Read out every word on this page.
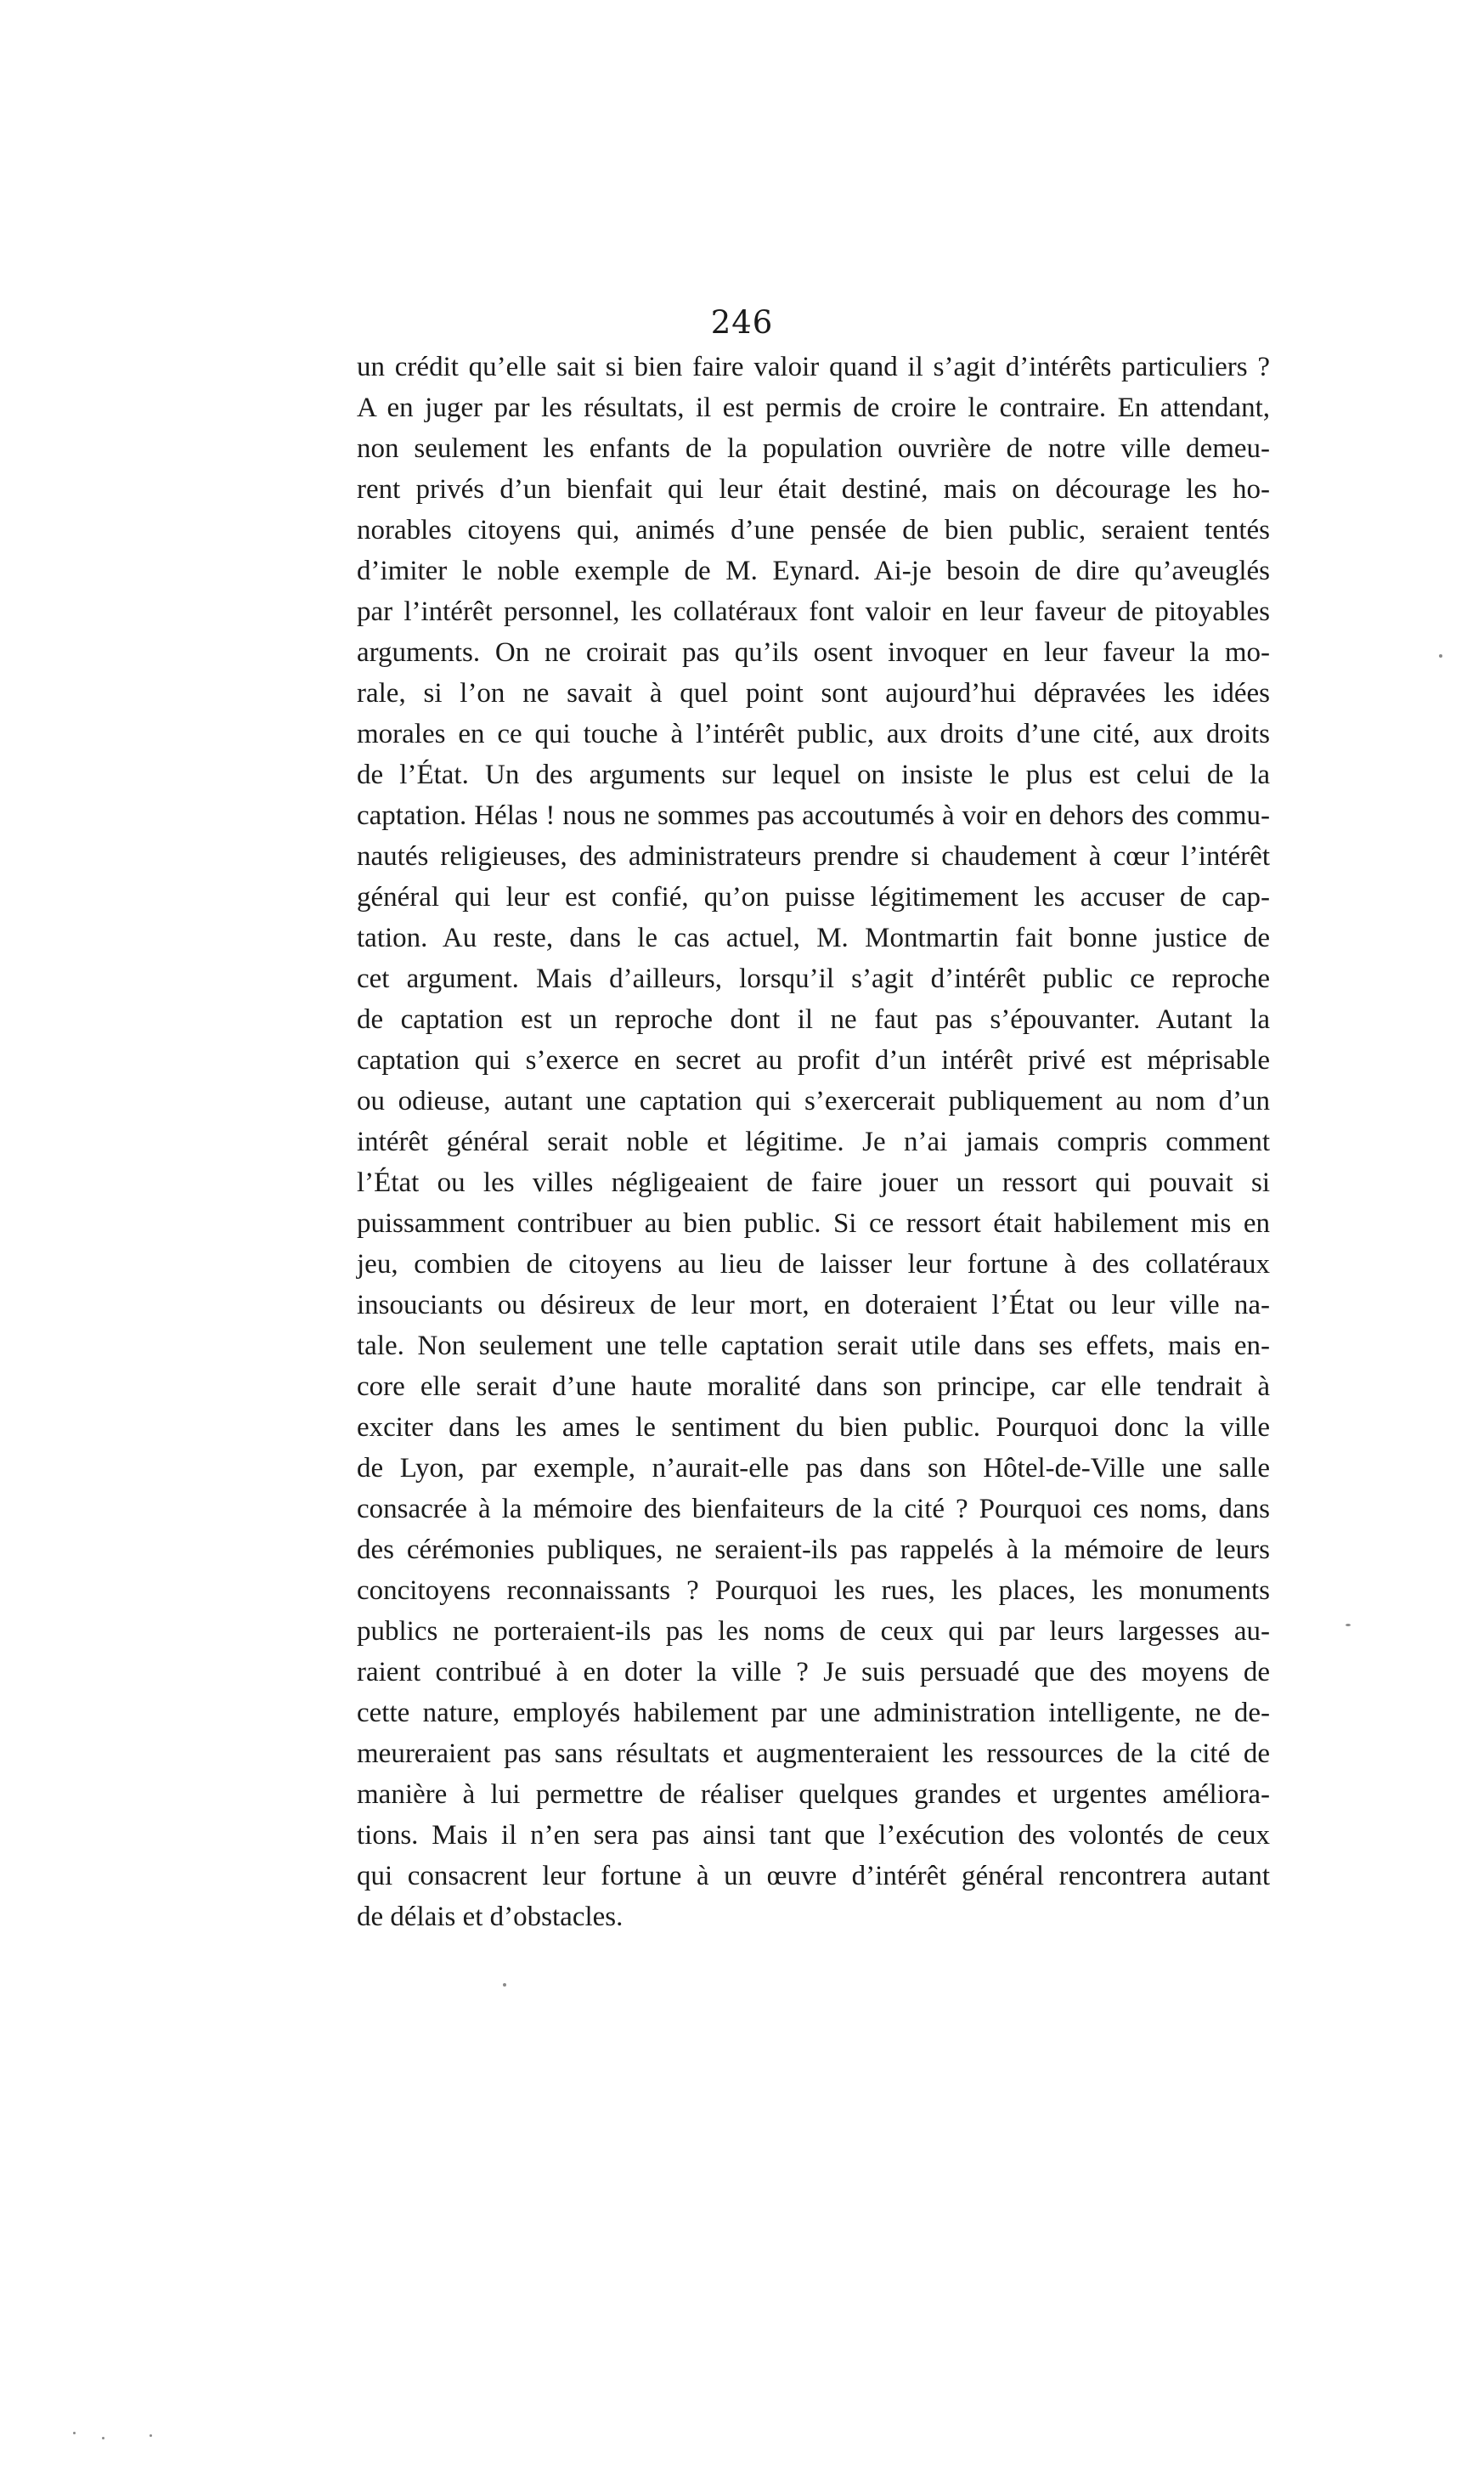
246
un crédit qu’elle sait si bien faire valoir quand il s’agit d’intérêts particuliers ?
A en juger par les résultats, il est permis de croire le contraire. En attendant,
non seulement les enfants de la population ouvrière de notre ville demeu-
rent privés d’un bienfait qui leur était destiné, mais on décourage les ho-
norables citoyens qui, animés d’une pensée de bien public, seraient tentés
d’imiter le noble exemple de M. Eynard. Ai-je besoin de dire qu’aveuglés
par l’intérêt personnel, les collatéraux font valoir en leur faveur de pitoyables
arguments. On ne croirait pas qu’ils osent invoquer en leur faveur la mo-
rale, si l’on ne savait à quel point sont aujourd’hui dépravées les idées
morales en ce qui touche à l’intérêt public, aux droits d’une cité, aux droits
de l’État. Un des arguments sur lequel on insiste le plus est celui de la
captation. Hélas ! nous ne sommes pas accoutumés à voir en dehors des commu-
nautés religieuses, des administrateurs prendre si chaudement à cœur l’intérêt
général qui leur est confié, qu’on puisse légitimement les accuser de cap-
tation. Au reste, dans le cas actuel, M. Montmartin fait bonne justice de
cet argument. Mais d’ailleurs, lorsqu’il s’agit d’intérêt public ce reproche
de captation est un reproche dont il ne faut pas s’épouvanter. Autant la
captation qui s’exerce en secret au profit d’un intérêt privé est méprisable
ou odieuse, autant une captation qui s’exercerait publiquement au nom d’un
intérêt général serait noble et légitime. Je n’ai jamais compris comment
l’État ou les villes négligeaient de faire jouer un ressort qui pouvait si
puissamment contribuer au bien public. Si ce ressort était habilement mis en
jeu, combien de citoyens au lieu de laisser leur fortune à des collatéraux
insouciants ou désireux de leur mort, en doteraient l’État ou leur ville na-
tale. Non seulement une telle captation serait utile dans ses effets, mais en-
core elle serait d’une haute moralité dans son principe, car elle tendrait à
exciter dans les ames le sentiment du bien public. Pourquoi donc la ville
de Lyon, par exemple, n’aurait-elle pas dans son Hôtel-de-Ville une salle
consacrée à la mémoire des bienfaiteurs de la cité ? Pourquoi ces noms, dans
des cérémonies publiques, ne seraient-ils pas rappelés à la mémoire de leurs
concitoyens reconnaissants ? Pourquoi les rues, les places, les monuments
publics ne porteraient-ils pas les noms de ceux qui par leurs largesses au-
raient contribué à en doter la ville ? Je suis persuadé que des moyens de
cette nature, employés habilement par une administration intelligente, ne de-
meureraient pas sans résultats et augmenteraient les ressources de la cité de
manière à lui permettre de réaliser quelques grandes et urgentes améliora-
tions. Mais il n’en sera pas ainsi tant que l’exécution des volontés de ceux
qui consacrent leur fortune à un œuvre d’intérêt général rencontrera autant
de délais et d’obstacles.
